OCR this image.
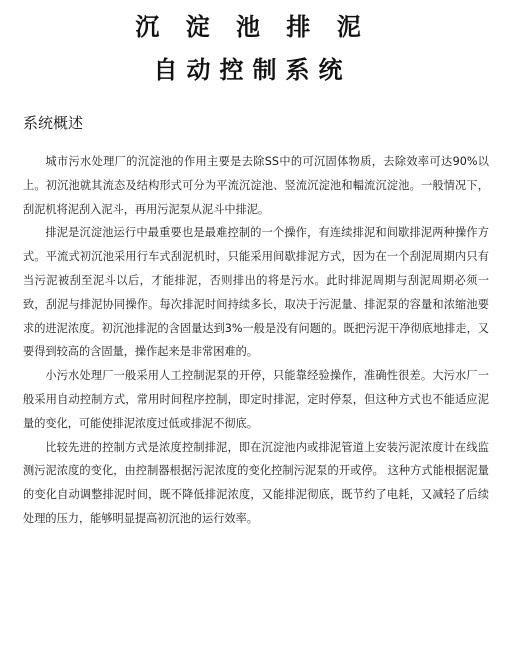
沉 淀 池 排 泥
自动控制系统
系统概述

城市污水处理厂的沉淀池的作用主要是去除SS中的可沉固体物质，去除效率可达90%以上。初沉池就其流态及结构形式可分为平流沉淀池、竖流沉淀池和輻流沉淀池。一般情况下，刮泥机将泥刮入泥斗，再用污泥泵从泥斗中排泥。

排泥是沉淀池运行中最重要也是最难控制的一个操作，有连续排泥和间歇排泥两种操作方式。平流式初沉池采用行车式刮泥机时，只能采用间歇排泥方式，因为在一个刮泥周期内只有当污泥被刮至泥斗以后，才能排泥，否则排出的将是污水。此时排泥周期与刮泥周期必须一致，刮泥与排泥协同操作。每次排泥时间持续多长，取决于污泥量、排泥泵的容量和浓缩池要求的进泥浓度。初沉池排泥的含固量达到3%一般是没有问题的。既把污泥干净彻底地排走，又要得到较高的含固量，操作起来是非常困难的。

小污水处理厂一般采用人工控制泥泵的开停，只能靠经验操作，准确性很差。大污水厂一般采用自动控制方式，常用时间程序控制，即定时排泥，定时停泵，但这种方式也不能适应泥量的变化，可能使排泥浓度过低或排泥不彻底。

比较先进的控制方式是浓度控制排泥，即在沉淀池内或排泥管道上安装污泥浓度计在线监测污泥浓度的变化，由控制器根据污泥浓度的变化控制污泥泵的开或停。 这种方式能根据泥量的变化自动调整排泥时间，既不降低排泥浓度，又能排泥彻底，既节约了电耗，又减轻了后续处理的压力，能够明显提高初沉池的运行效率。
